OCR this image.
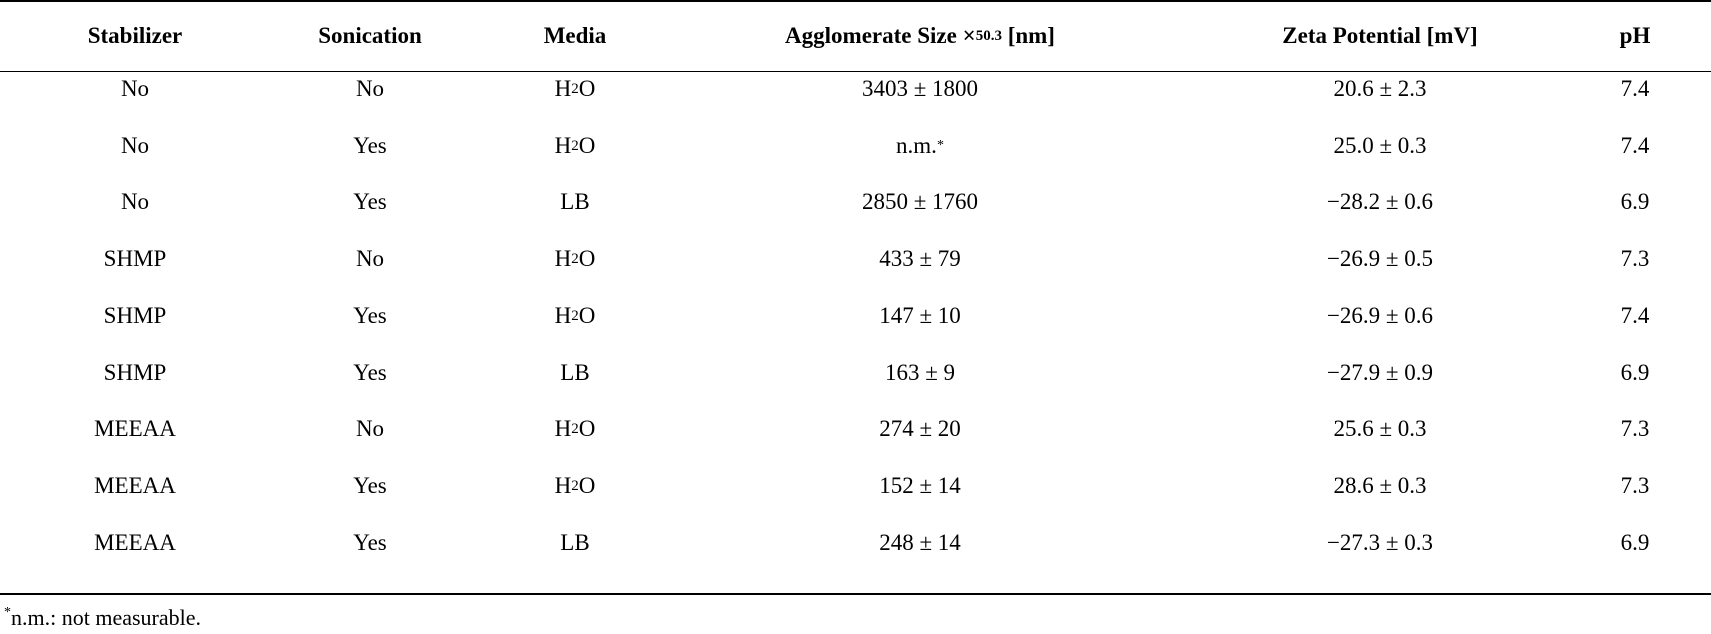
Stabilizer	Sonication	Media	Agglomerate Size × 50.3 [nm]	Zeta Potential [mV]	pH
No	No	H 2 O	3403 ± 1800	20.6 ± 2.3	7.4
No	Yes	H 2 O	n.m. *	25.0 ± 0.3	7.4
No	Yes	LB	2850 ± 1760	−28.2 ± 0.6	6.9
SHMP	No	H 2 O	433 ± 79	−26.9 ± 0.5	7.3
SHMP	Yes	H 2 O	147 ± 10	−26.9 ± 0.6	7.4
SHMP	Yes	LB	163 ± 9	−27.9 ± 0.9	6.9
MEEAA	No	H 2 O	274 ± 20	25.6 ± 0.3	7.3
MEEAA	Yes	H 2 O	152 ± 14	28.6 ± 0.3	7.3
MEEAA	Yes	LB	248 ± 14	−27.3 ± 0.3	6.9
*n.m.: not measurable.
